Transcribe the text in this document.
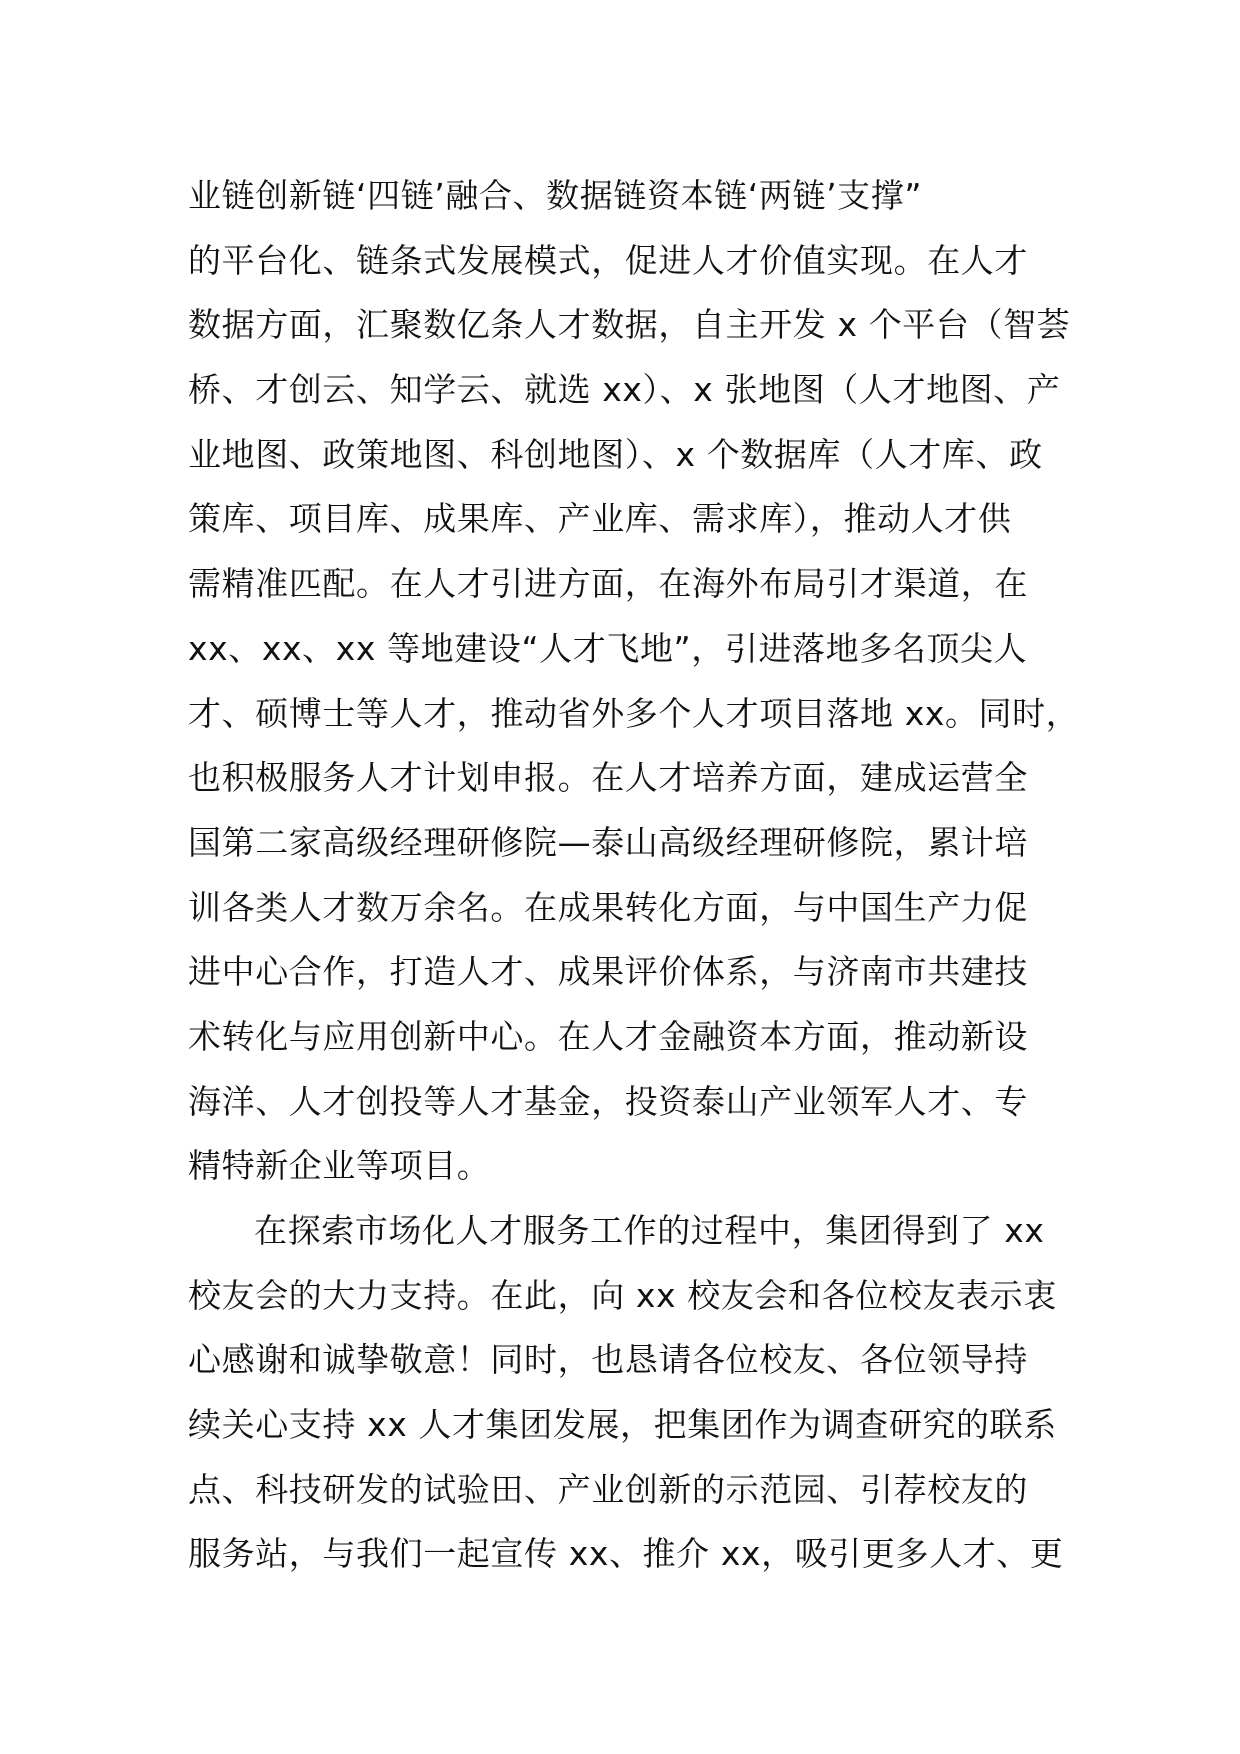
业链创新链‘四链’融合、数据链资本链‘两链’支撑”
的平台化、链条式发展模式，促进人才价值实现。在人才
数据方面，汇聚数亿条人才数据，自主开发 x 个平台（智荟
桥、才创云、知学云、就选 xx）、x 张地图（人才地图、产
业地图、政策地图、科创地图）、x 个数据库（人才库、政
策库、项目库、成果库、产业库、需求库），推动人才供
需精准匹配。在人才引进方面，在海外布局引才渠道，在
xx、xx、xx 等地建设“人才飞地”，引进落地多名顶尖人
才、硕博士等人才，推动省外多个人才项目落地 xx。同时，
也积极服务人才计划申报。在人才培养方面，建成运营全
国第二家高级经理研修院—泰山高级经理研修院，累计培
训各类人才数万余名。在成果转化方面，与中国生产力促
进中心合作，打造人才、成果评价体系，与济南市共建技
术转化与应用创新中心。在人才金融资本方面，推动新设
海洋、人才创投等人才基金，投资泰山产业领军人才、专
精特新企业等项目。
在探索市场化人才服务工作的过程中，集团得到了 xx
校友会的大力支持。在此，向 xx 校友会和各位校友表示衷
心感谢和诚挚敬意！同时，也恳请各位校友、各位领导持
续关心支持 xx 人才集团发展，把集团作为调查研究的联系
点、科技研发的试验田、产业创新的示范园、引荐校友的
服务站，与我们一起宣传 xx、推介 xx，吸引更多人才、更
